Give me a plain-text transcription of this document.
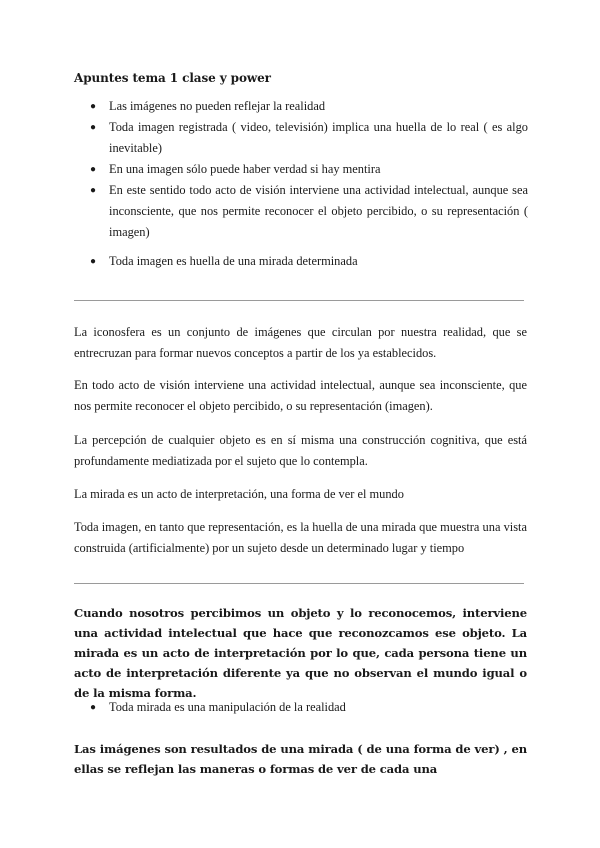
Apuntes tema 1 clase y power
● Las imágenes no pueden reflejar la realidad
● Toda imagen registrada ( video, televisión) implica una huella de lo real ( es algo inevitable)
● En una imagen sólo puede haber verdad si hay mentira
● En este sentido todo acto de visión interviene una actividad intelectual, aunque sea inconsciente, que nos permite reconocer el objeto percibido, o su representación ( imagen)
● Toda imagen es huella de una mirada determinada

La iconosfera es un conjunto de imágenes que circulan por nuestra realidad, que se entrecruzan para formar nuevos conceptos a partir de los ya establecidos.

En todo acto de visión interviene una actividad intelectual, aunque sea inconsciente, que nos permite reconocer el objeto percibido, o su representación (imagen).

La percepción de cualquier objeto es en sí misma una construcción cognitiva, que está profundamente mediatizada por el sujeto que lo contempla.

La mirada es un acto de interpretación, una forma de ver el mundo

Toda imagen, en tanto que representación, es la huella de una mirada que muestra una vista construida (artificialmente) por un sujeto desde un determinado lugar y tiempo

Cuando nosotros percibimos un objeto y lo reconocemos, interviene una actividad intelectual que hace que reconozcamos ese objeto. La mirada es un acto de interpretación por lo que, cada persona tiene un acto de interpretación diferente ya que no observan el mundo igual o de la misma forma.

● Toda mirada es una manipulación de la realidad

Las imágenes son resultados de una mirada ( de una forma de ver) , en ellas se reflejan las maneras o formas de ver de cada una
